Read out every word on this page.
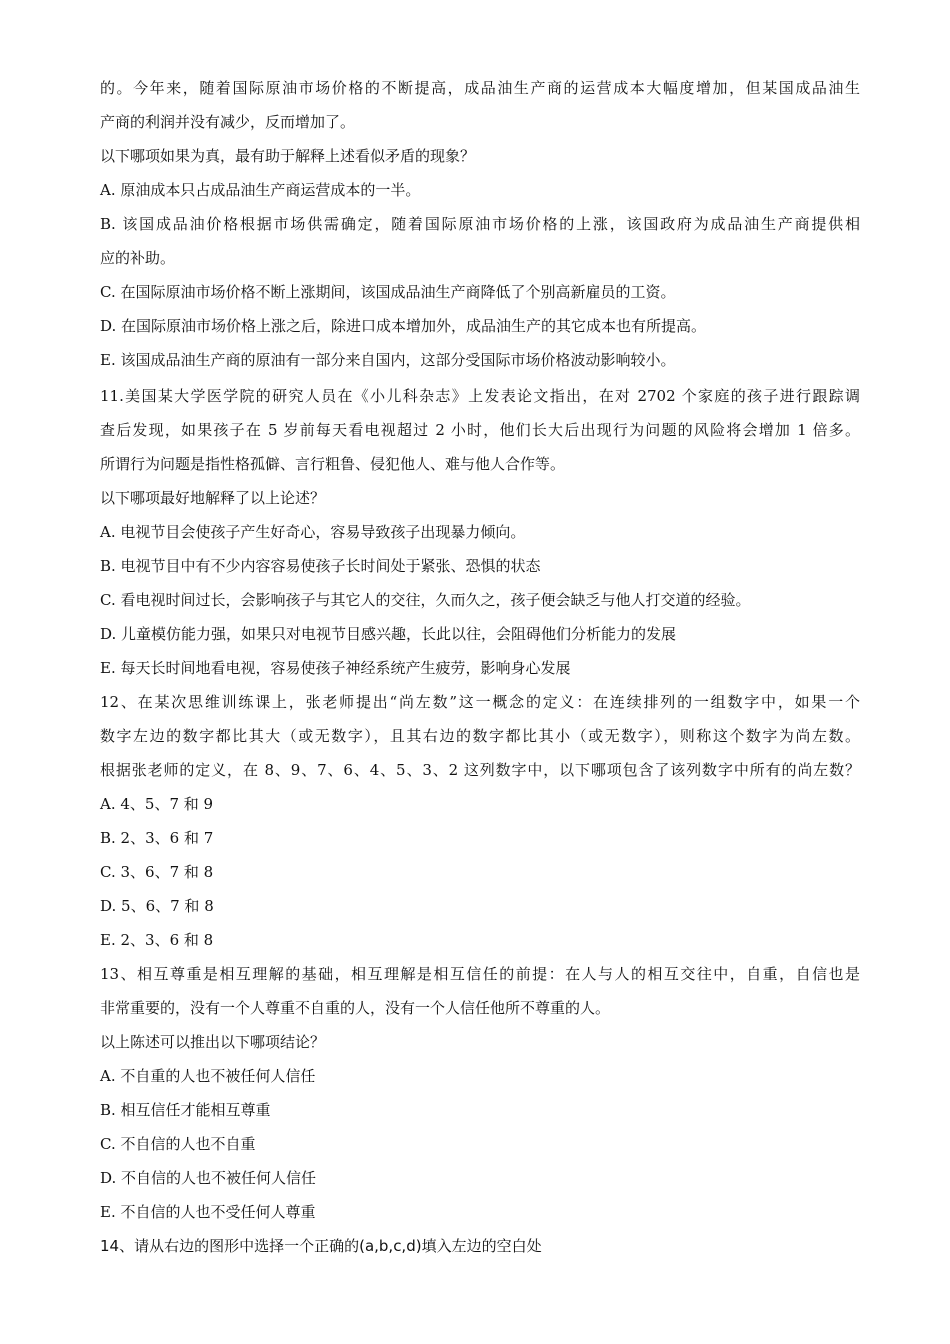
的。今年来，随着国际原油市场价格的不断提高，成品油生产商的运营成本大幅度增加，但某国成品油生
产商的利润并没有减少，反而增加了。
以下哪项如果为真，最有助于解释上述看似矛盾的现象？
A. 原油成本只占成品油生产商运营成本的一半。
B. 该国成品油价格根据市场供需确定，随着国际原油市场价格的上涨，该国政府为成品油生产商提供相
应的补助。
C. 在国际原油市场价格不断上涨期间，该国成品油生产商降低了个别高新雇员的工资。
D. 在国际原油市场价格上涨之后，除进口成本增加外，成品油生产的其它成本也有所提高。
E. 该国成品油生产商的原油有一部分来自国内，这部分受国际市场价格波动影响较小。
11.美国某大学医学院的研究人员在《小儿科杂志》上发表论文指出，在对 2702 个家庭的孩子进行跟踪调
查后发现，如果孩子在 5 岁前每天看电视超过 2 小时，他们长大后出现行为问题的风险将会增加 1 倍多。
所谓行为问题是指性格孤僻、言行粗鲁、侵犯他人、难与他人合作等。
以下哪项最好地解释了以上论述？
A. 电视节目会使孩子产生好奇心，容易导致孩子出现暴力倾向。
B. 电视节目中有不少内容容易使孩子长时间处于紧张、恐惧的状态
C. 看电视时间过长，会影响孩子与其它人的交往，久而久之，孩子便会缺乏与他人打交道的经验。
D. 儿童模仿能力强，如果只对电视节目感兴趣，长此以往，会阻碍他们分析能力的发展
E. 每天长时间地看电视，容易使孩子神经系统产生疲劳，影响身心发展
12、在某次思维训练课上，张老师提出“尚左数”这一概念的定义：在连续排列的一组数字中，如果一个
数字左边的数字都比其大（或无数字），且其右边的数字都比其小（或无数字），则称这个数字为尚左数。
根据张老师的定义，在 8、9、7、6、4、5、3、2 这列数字中，以下哪项包含了该列数字中所有的尚左数？
A. 4、5、7 和 9
B. 2、3、6 和 7
C. 3、6、7 和 8
D. 5、6、7 和 8
E. 2、3、6 和 8
13、相互尊重是相互理解的基础，相互理解是相互信任的前提：在人与人的相互交往中，自重，自信也是
非常重要的，没有一个人尊重不自重的人，没有一个人信任他所不尊重的人。
以上陈述可以推出以下哪项结论？
A. 不自重的人也不被任何人信任
B. 相互信任才能相互尊重
C. 不自信的人也不自重
D. 不自信的人也不被任何人信任
E. 不自信的人也不受任何人尊重
14、请从右边的图形中选择一个正确的(a,b,c,d)填入左边的空白处
